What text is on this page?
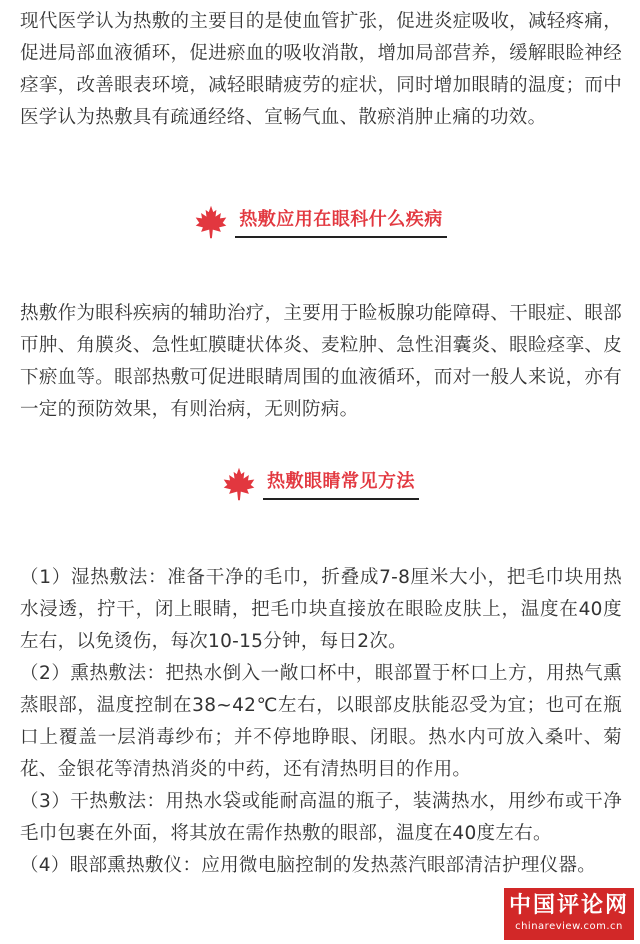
现代医学认为热敷的主要目的是使血管扩张，促进炎症吸收，减轻疼痛，促进局部血液循环，促进瘀血的吸收消散，增加局部营养，缓解眼睑神经痉挛，改善眼表环境，减轻眼睛疲劳的症状，同时增加眼睛的温度；而中医学认为热敷具有疏通经络、宣畅气血、散瘀消肿止痛的功效。

热敷应用在眼科什么疾病

热敷作为眼科疾病的辅助治疗，主要用于睑板腺功能障碍、干眼症、眼部帀肿、角膜炎、急性虹膜睫状体炎、麦粒肿、急性泪囊炎、眼睑痉挛、皮下瘀血等。眼部热敷可促进眼睛周围的血液循环，而对一般人来说，亦有一定的预防效果，有则治病，无则防病。

热敷眼睛常见方法

（1）湿热敷法：准备干净的毛巾，折叠成7-8厘米大小，把毛巾块用热水浸透，拧干，闭上眼睛，把毛巾块直接放在眼睑皮肤上，温度在40度左右，以免烫伤，每次10-15分钟，每日2次。

（2）熏热敷法：把热水倒入一敞口杯中，眼部置于杯口上方，用热气熏蒸眼部，温度控制在38~42℃左右，以眼部皮肤能忍受为宜；也可在瓶口上覆盖一层消毒纱布；并不停地睁眼、闭眼。热水内可放入桑叶、菊花、金银花等清热消炎的中药，还有清热明目的作用。

（3）干热敷法：用热水袋或能耐高温的瓶子，装满热水，用纱布或干净毛巾包裹在外面，将其放在需作热敷的眼部，温度在40度左右。

（4）眼部熏热敷仪：应用微电脑控制的发热蒸汽眼部清洁护理仪器。

中国评论网
chinareview.com.cn
